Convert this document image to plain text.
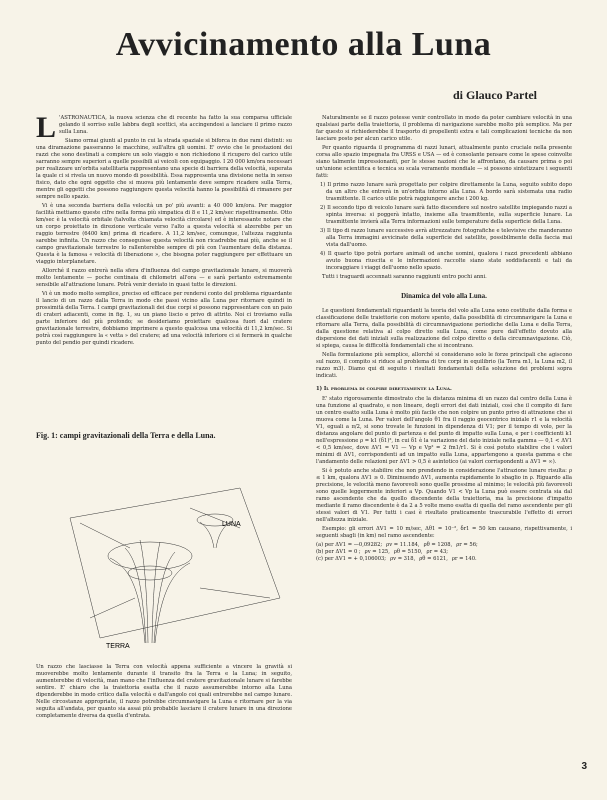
Avvicinamento alla Luna
di Glauco Partel

L 'ASTRONAUTICA, la nuova scienza che di recente ha fatto la sua comparsa ufficiale gelando il sorriso sulle labbra degli scettici, sta accingendosi a lanciare il primo razzo sulla Luna.

Siamo ormai giunti al punto in cui la strada spaziale si biforca in due rami distinti: su una diramazione passeranno le macchine, sull'altra gli uomini. E' ovvio che le prestazioni dei razzi che sono destinati a compiere un solo viaggio e non richiedono il ricupero del carico utile sarranno sempre superiori a quelle possibili ai veicoli con equipaggio. I 20 000 km/ora necessari per realizzare un'orbita satellitaria rappresentano una specie di barriera della velocità, superata la quale ci si rivela un nuovo mondo di possibilità. Essa rappresenta una divisione netta in senso fisico, dato che ogni oggetto che si muova più lentamente deve sempre ricadere sulla Terra, mentre gli oggetti che possono raggiungere questa velocità hanno la possibilità di rimanere per sempre nello spazio.

Vi è una seconda barriera della velocità un po' più avanti: a 40 000 km/ora. Per maggior facilità mettiamo queste cifre nella forma più simpatica di 8 e 11,2 km/sec rispettivamente. Otto km/sec è la velocità orbitale (talvolta chiamata velocità circolare) ed è interessante notare che un corpo proiettato in direzione verticale verso l'alto a questa velocità si alzerebbe per un raggio terrestre (6400 km) prima di ricadere. A 11,2 km/sec, comunque, l'altezza raggiunta sarebbe infinita. Un razzo che conseguisse questa velocità non ricadrebbe mai più, anche se il campo gravitazionale terrestre lo rallenterebbe sempre di più con l'aumentare della distanza. Questa è la famosa « velocità di liberazione », che bisogna poter raggiungere per effettuare un viaggio interplanetare.

Allorché il razzo entrerà nella sfera d'influenza del campo gravitazionale lunare, si muoverà molto lentamente — poche centinaia di chilometri all'ora — e sarà pertanto estremamente sensibile all'attrazione lunare. Potrà venir deviato in quasi tutte le direzioni.

Vi è un modo molto semplice, preciso ed efficace per rendersi conto del problema riguardante il lancio di un razzo dalla Terra in modo che passi vicino alla Luna per ritornare quindi in prossimità della Terra. I campi gravitazionali dei due corpi si possono rappresentare con un paio di crateri adiacenti, come in fig. 1, su un piano liscio e privo di attrito. Noi ci troviamo sulla parte inferiore del più profondo; se desideriamo proiettare qualcosa fuori dal cratere gravitazionale terrestre, dobbiamo imprimere a questo qualcosa una velocità di 11,2 km/sec. Si potrà così raggiungere la « vetta » del cratere; ad una velocità inferiore ci si fermerà in qualche punto del pendio per quindi ricadere.

Fig. 1: campi gravitazionali della Terra e della Luna.
LUNA
TERRA
Un razzo che lasciasse la Terra con velocità appena sufficiente a vincere la gravità si muoverebbe molto lentamente durante il transito fra la Terra e la Luna; in seguito, aumenterebbe di velocità, man mano che l'influenza del cratere gravitazionale lunare si farebbe sentire. E' chiaro che la traiettoria esatta che il razzo assumerebbe intorno alla Luna dipenderebbe in modo critico dalla velocità e dall'angolo coi quali entrerebbe nel campo lunare. Nelle circostanze appropriate, il razzo potrebbe circumnavigare la Luna e ritornare per la via seguita all'andata, per quanto sia assai più probabile lasciare il cratere lunare in una direzione completamente diversa da quella d'entrata.

Naturalmente se il razzo potesse venir controllato in modo da poter cambiare velocità in una qualsiasi parte della traiettoria, il problema di navigazione sarebbe molto più semplice. Ma per far questo si richiederebbe il trasporto di propellenti extra e tali complicazioni tecniche da non lasciare posto per alcun carico utile.

Per quanto riguarda il programma di razzi lunari, attualmente punto cruciale nella presente corsa allo spazio impegnata fra URSS e USA — ed è consolante pensare come le spese coinvolte siano talmente impressionanti, per le stesse nazioni che le affrontano, da causare prima o poi un'unione scientifica e tecnica su scala veramente mondiale — si possono sintetizzare i seguenti fatti:

1) Il primo razzo lunare sarà progettato per colpire direttamente la Luna, seguito subito dopo da un altro che entrerà in un'orbita intorno alla Luna. A bordo sarà sistemata una radio trasmittente. Il carico utile potrà raggiungere anche i 200 kg.
2) Il secondo tipo di veicolo lunare sarà fatto discendere sul nostro satellite impiegando razzi a spinta inversa: si poggerà intatto, insieme alla trasmittente, sulla superficie lunare. La trasmittente invierà alla Terra informazioni sulle temperature della superficie della Luna.
3) Il tipo di razzo lunare successivo avrà attrezzature fotografiche e televisive che manderanno alla Terra immagini avvicinate della superficie del satellite, possibilmente della faccia mai vista dall'uomo.
4) Il quarto tipo potrà portare animali od anche uomini, qualora i razzi precedenti abbiano avuto buona riuscita e le informazioni raccolte siano state soddisfacenti e tali da incoraggiare i viaggi dell'uomo nello spazio.

Tutti i traguardi accennati saranno raggiunti entro pochi anni.

Dinamica del volo alla Luna.

Le questioni fondamentali riguardanti la teoria del volo alla Luna sono costituite dalla forma e classificazione delle traiettorie con motore spento, dalla possibilità di circumnavigare la Luna e ritornare alla Terra, dalla possibilità di circumnavigazione periodiche della Luna e della Terra, dalla questione relativa al colpo diretto sulla Luna, come pure dall'effetto dovuto alla dispersione dei dati iniziali sulla realizzazione del colpo diretto o della circumnavigazione. Ciò, si spiega, causa le difficoltà fondamentali che si incontrano.

Nella formulazione più semplice, allorché si considerano solo le forze principali che agiscono sul razzo, il compito si riduce al problema di tre corpi in equilibrio (la Terra m1, la Luna m2, il razzo m3). Diamo qui di seguito i risultati fondamentali della soluzione dei problemi sopra indicati.

1) Il problema di colpire direttamente la Luna.

E' stato rigorosamente dimostrato che la distanza minima di un razzo dal centro della Luna è una funzione al quadrato, e non lineare, degli errori dei dati iniziali, così che il compito di fare un centro esatto sulla Luna è molto più facile che non colpire un punto privo di attrazione che si muova come la Luna. Per valori dell'angolo θ1 fra il raggio geocentrico iniziale r1 e la velocità V1, eguali a π/2, si sono trovate le funzioni in dipendenza di V1; per il tempo di volo, per la distanza angolare del punto di partenza e del punto di impatto sulla Luna, e per i coefficienti k1 nell'espressione ρ = k1 (δ1)², in cui δ1 è la variazione del dato iniziale nella gamma — 0,1 < ΔV1 < 0,5 km/sec, dove ΔV1 = V1 — Vp e Vp² = 2 fm1/r1. Si è così potuto stabilire che i valori minimi di ΔV1, corrispondenti ad un impatto sulla Luna, appartengono a questa gamma e che l'andamento delle relazioni per ΔV1 > 0,5 è asintotico (ai valori corrispondenti a ΔV1 = ∞).

Si è potuto anche stabilire che non prendendo in considerazione l'attrazione lunare risulta: ρ ≤ 1 km, qualora ΔV1 ≥ 0. Diminuendo ΔV1, aumenta rapidamente lo sbaglio in ρ. Riguardo alla precisione, le velocità meno favorevoli sono quelle prossime al minimo; le velocità più favorevoli sono quelle leggermente inferiori a Vp. Quando V1 < Vp la Luna può essere centrata sia dal ramo ascendente che da quello discendente della traiettoria, ma la precisione d'impatto mediante il ramo discendente è da 2 a 5 volte meno esatta di quella del ramo ascendente per gli stessi valori di V1. Per tutti i casi è risultato praticamente trascurabile l'effetto di errori nell'altezza iniziale.

Esempio: gli errori ΔV1 = 10 m/sec, Δθ1 = 10⁻², δr1 = 50 km causano, rispettivamente, i seguenti sbagli (in km) nel ramo ascendente:

(a) per ΔV1 = —0,09282; ρv = 11.184, ρθ = 1208, ρr = 56;
(b) per ΔV1 = 0 ; ρv = 125, ρθ = 5150, ρr = 43;
(c) per ΔV1 = + 0,106003; ρv = 318, ρθ = 6121, ρr = 140.
3
